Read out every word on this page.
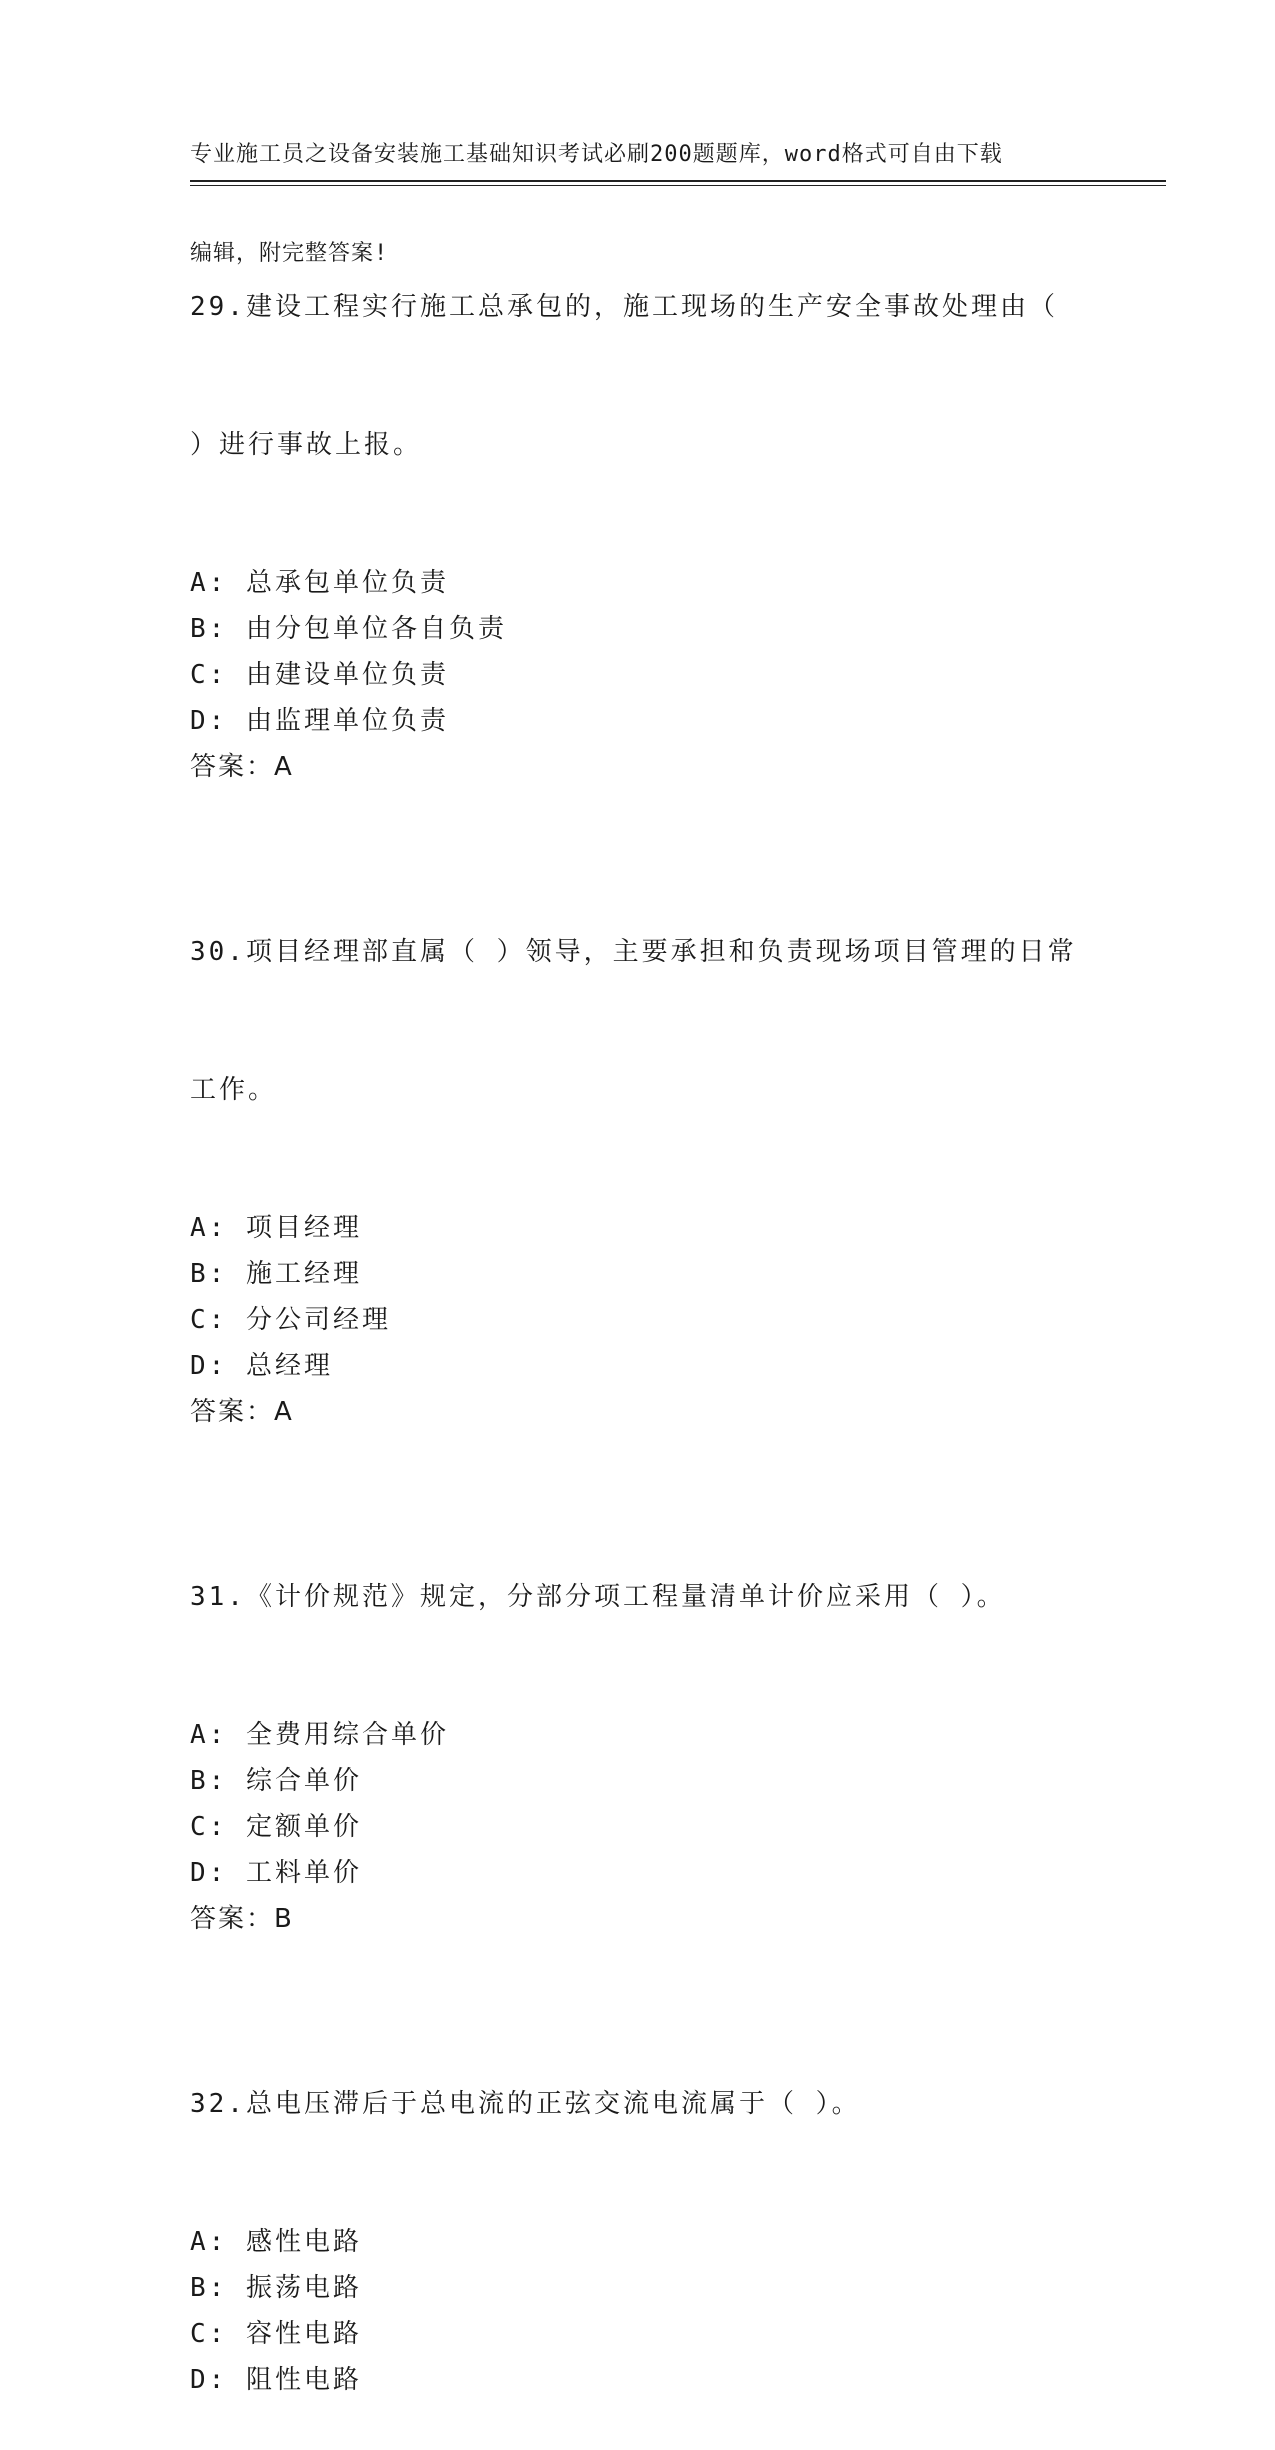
专业施工员之设备安装施工基础知识考试必刷200题题库，word格式可自由下载

编辑，附完整答案!

29.建设工程实行施工总承包的，施工现场的生产安全事故处理由（

）进行事故上报。

A: 总承包单位负责
B: 由分包单位各自负责
C: 由建设单位负责
D: 由监理单位负责
答案：A

30.项目经理部直属（ ）领导，主要承担和负责现场项目管理的日常

工作。

A: 项目经理
B: 施工经理
C: 分公司经理
D: 总经理
答案：A

31.《计价规范》规定，分部分项工程量清单计价应采用（ ）。

A: 全费用综合单价
B: 综合单价
C: 定额单价
D: 工料单价
答案：B

32.总电压滞后于总电流的正弦交流电流属于（ ）。

A: 感性电路
B: 振荡电路
C: 容性电路
D: 阻性电路
